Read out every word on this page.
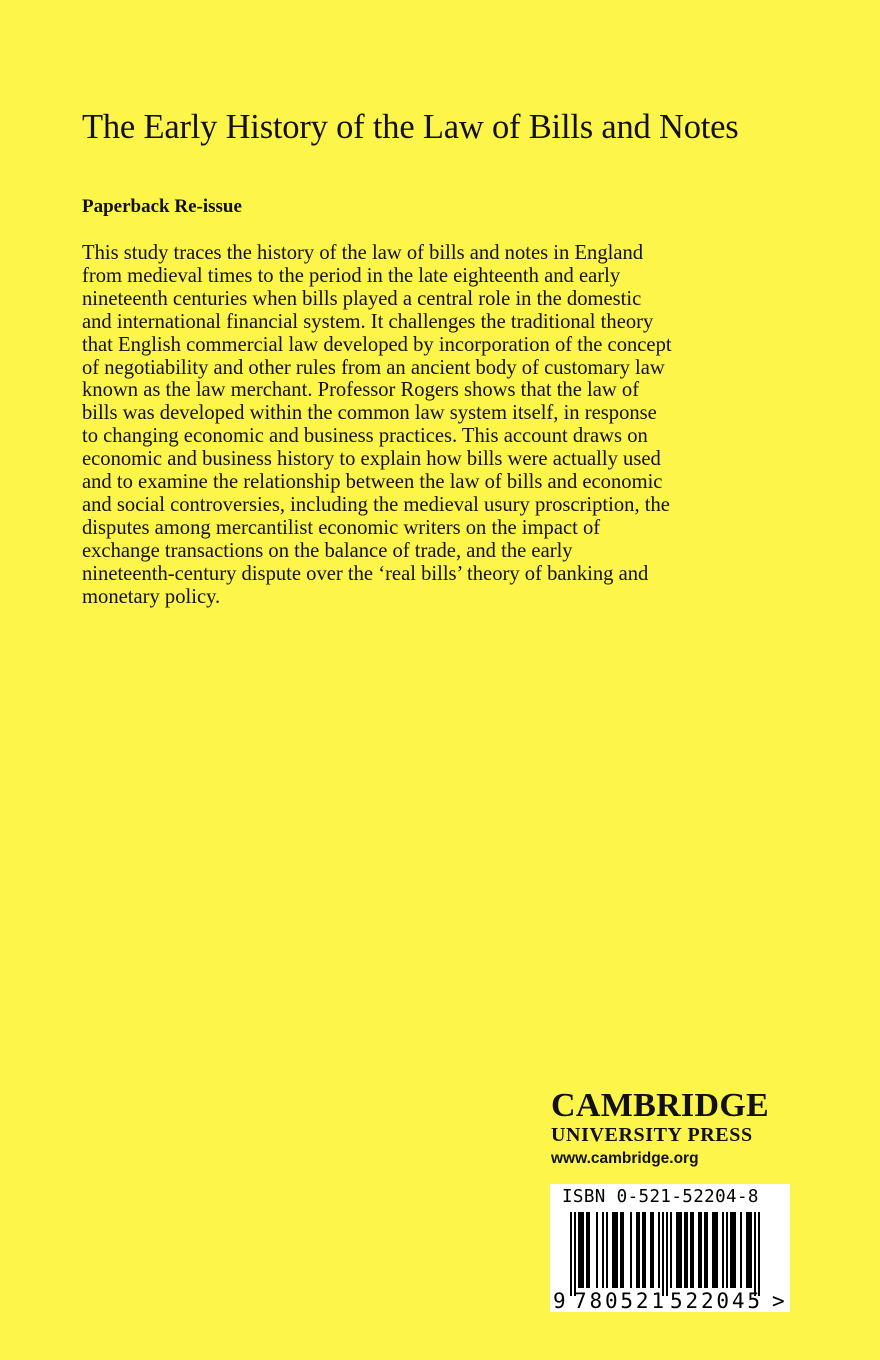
The Early History of the Law of Bills and Notes
Paperback Re-issue
This study traces the history of the law of bills and notes in England
from medieval times to the period in the late eighteenth and early
nineteenth centuries when bills played a central role in the domestic
and international financial system. It challenges the traditional theory
that English commercial law developed by incorporation of the concept
of negotiability and other rules from an ancient body of customary law
known as the law merchant. Professor Rogers shows that the law of
bills was developed within the common law system itself, in response
to changing economic and business practices. This account draws on
economic and business history to explain how bills were actually used
and to examine the relationship between the law of bills and economic
and social controversies, including the medieval usury proscription, the
disputes among mercantilist economic writers on the impact of
exchange transactions on the balance of trade, and the early
nineteenth-century dispute over the ‘real bills’ theory of banking and
monetary policy.
CAMBRIDGE
UNIVERSITY PRESS
www.cambridge.org
ISBN 0-521-52204-8
9 780521 522045 >
